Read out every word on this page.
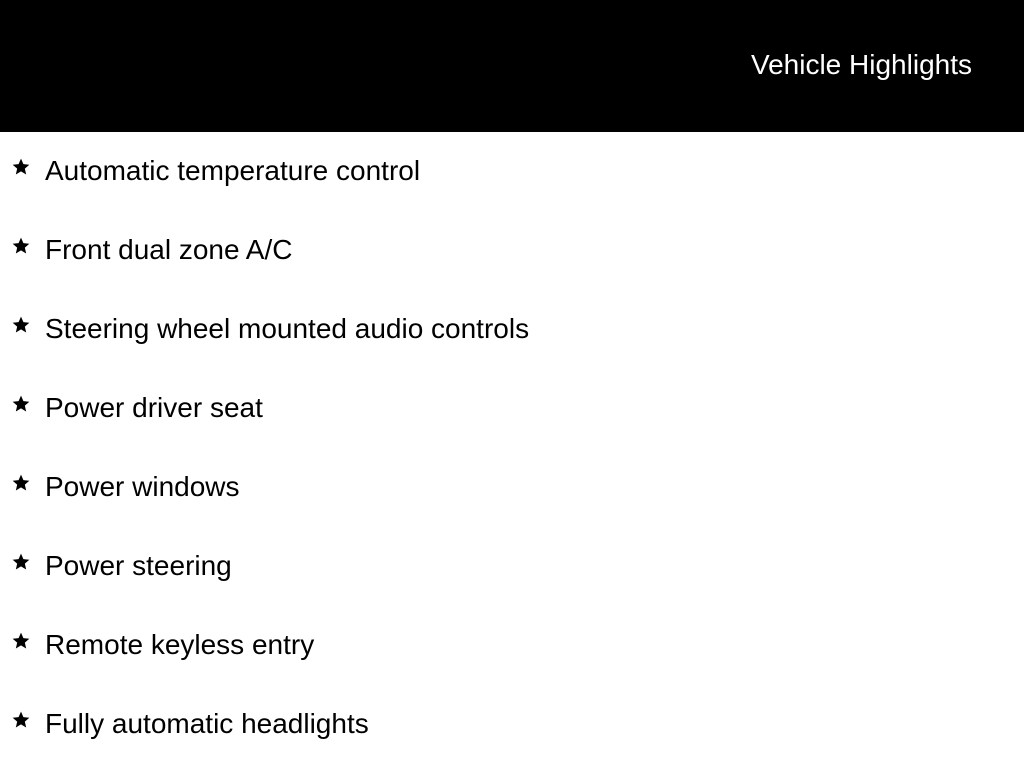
Vehicle Highlights
Automatic temperature control
Front dual zone A/C
Steering wheel mounted audio controls
Power driver seat
Power windows
Power steering
Remote keyless entry
Fully automatic headlights
